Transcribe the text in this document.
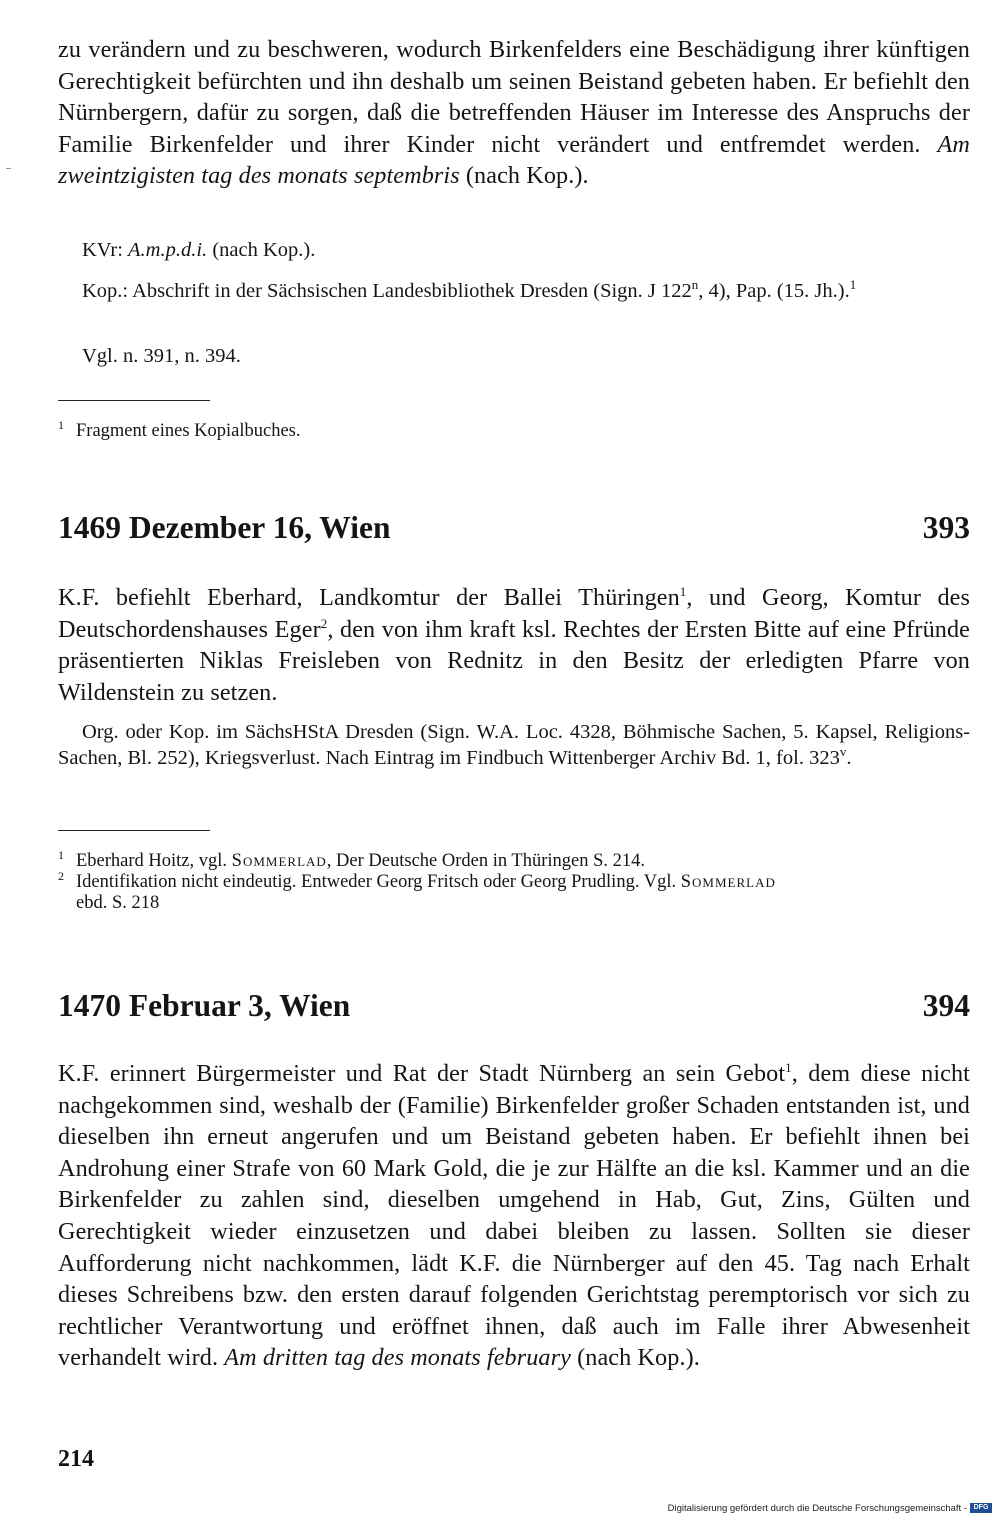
zu verändern und zu beschweren, wodurch Birkenfelders eine Beschädigung ihrer künftigen Gerechtigkeit befürchten und ihn deshalb um seinen Beistand gebeten haben. Er befiehlt den Nürnbergern, dafür zu sorgen, daß die betreffenden Häuser im Interesse des Anspruchs der Familie Birkenfelder und ihrer Kinder nicht verändert und entfremdet werden. Am zweintzigisten tag des monats septembris (nach Kop.).

KVr: A.m.p.d.i. (nach Kop.).

Kop.: Abschrift in der Sächsischen Landesbibliothek Dresden (Sign. J 122$^n$, 4), Pap. (15. Jh.).$^1$

Vgl. n. 391, n. 394.

1 Fragment eines Kopialbuches.
1469 Dezember 16, Wien	393

K.F. befiehlt Eberhard, Landkomtur der Ballei Thüringen$^1$, und Georg, Komtur des Deutschordenshauses Eger$^2$, den von ihm kraft ksl. Rechtes der Ersten Bitte auf eine Pfründe präsentierten Niklas Freisleben von Rednitz in den Besitz der erledigten Pfarre von Wildenstein zu setzen.

Org. oder Kop. im SächsHStA Dresden (Sign. W.A. Loc. 4328, Böhmische Sachen, 5. Kapsel, Religions-Sachen, Bl. 252), Kriegsverlust. Nach Eintrag im Findbuch Wittenberger Archiv Bd. 1, fol. 323$^v$.

1 Eberhard Hoitz, vgl. Sommerlad, Der Deutsche Orden in Thüringen S. 214.
2 Identifikation nicht eindeutig. Entweder Georg Fritsch oder Georg Prudling. Vgl. Sommerlad
ebd. S. 218
1470 Februar 3, Wien	394

K.F. erinnert Bürgermeister und Rat der Stadt Nürnberg an sein Gebot$^1$, dem diese nicht nachgekommen sind, weshalb der (Familie) Birkenfelder großer Schaden entstanden ist, und dieselben ihn erneut angerufen und um Beistand gebeten haben. Er befiehlt ihnen bei Androhung einer Strafe von 60 Mark Gold, die je zur Hälfte an die ksl. Kammer und an die Birkenfelder zu zahlen sind, dieselben umgehend in Hab, Gut, Zins, Gülten und Gerechtigkeit wieder einzusetzen und dabei bleiben zu lassen. Sollten sie dieser Aufforderung nicht nachkommen, lädt K.F. die Nürnberger auf den 45. Tag nach Erhalt dieses Schreibens bzw. den ersten darauf folgenden Gerichtstag peremptorisch vor sich zu rechtlicher Verantwortung und eröffnet ihnen, daß auch im Falle ihrer Abwesenheit verhandelt wird. Am dritten tag des monats february (nach Kop.).

214
Digitalisierung gefördert durch die Deutsche Forschungsgemeinschaft - DFG
